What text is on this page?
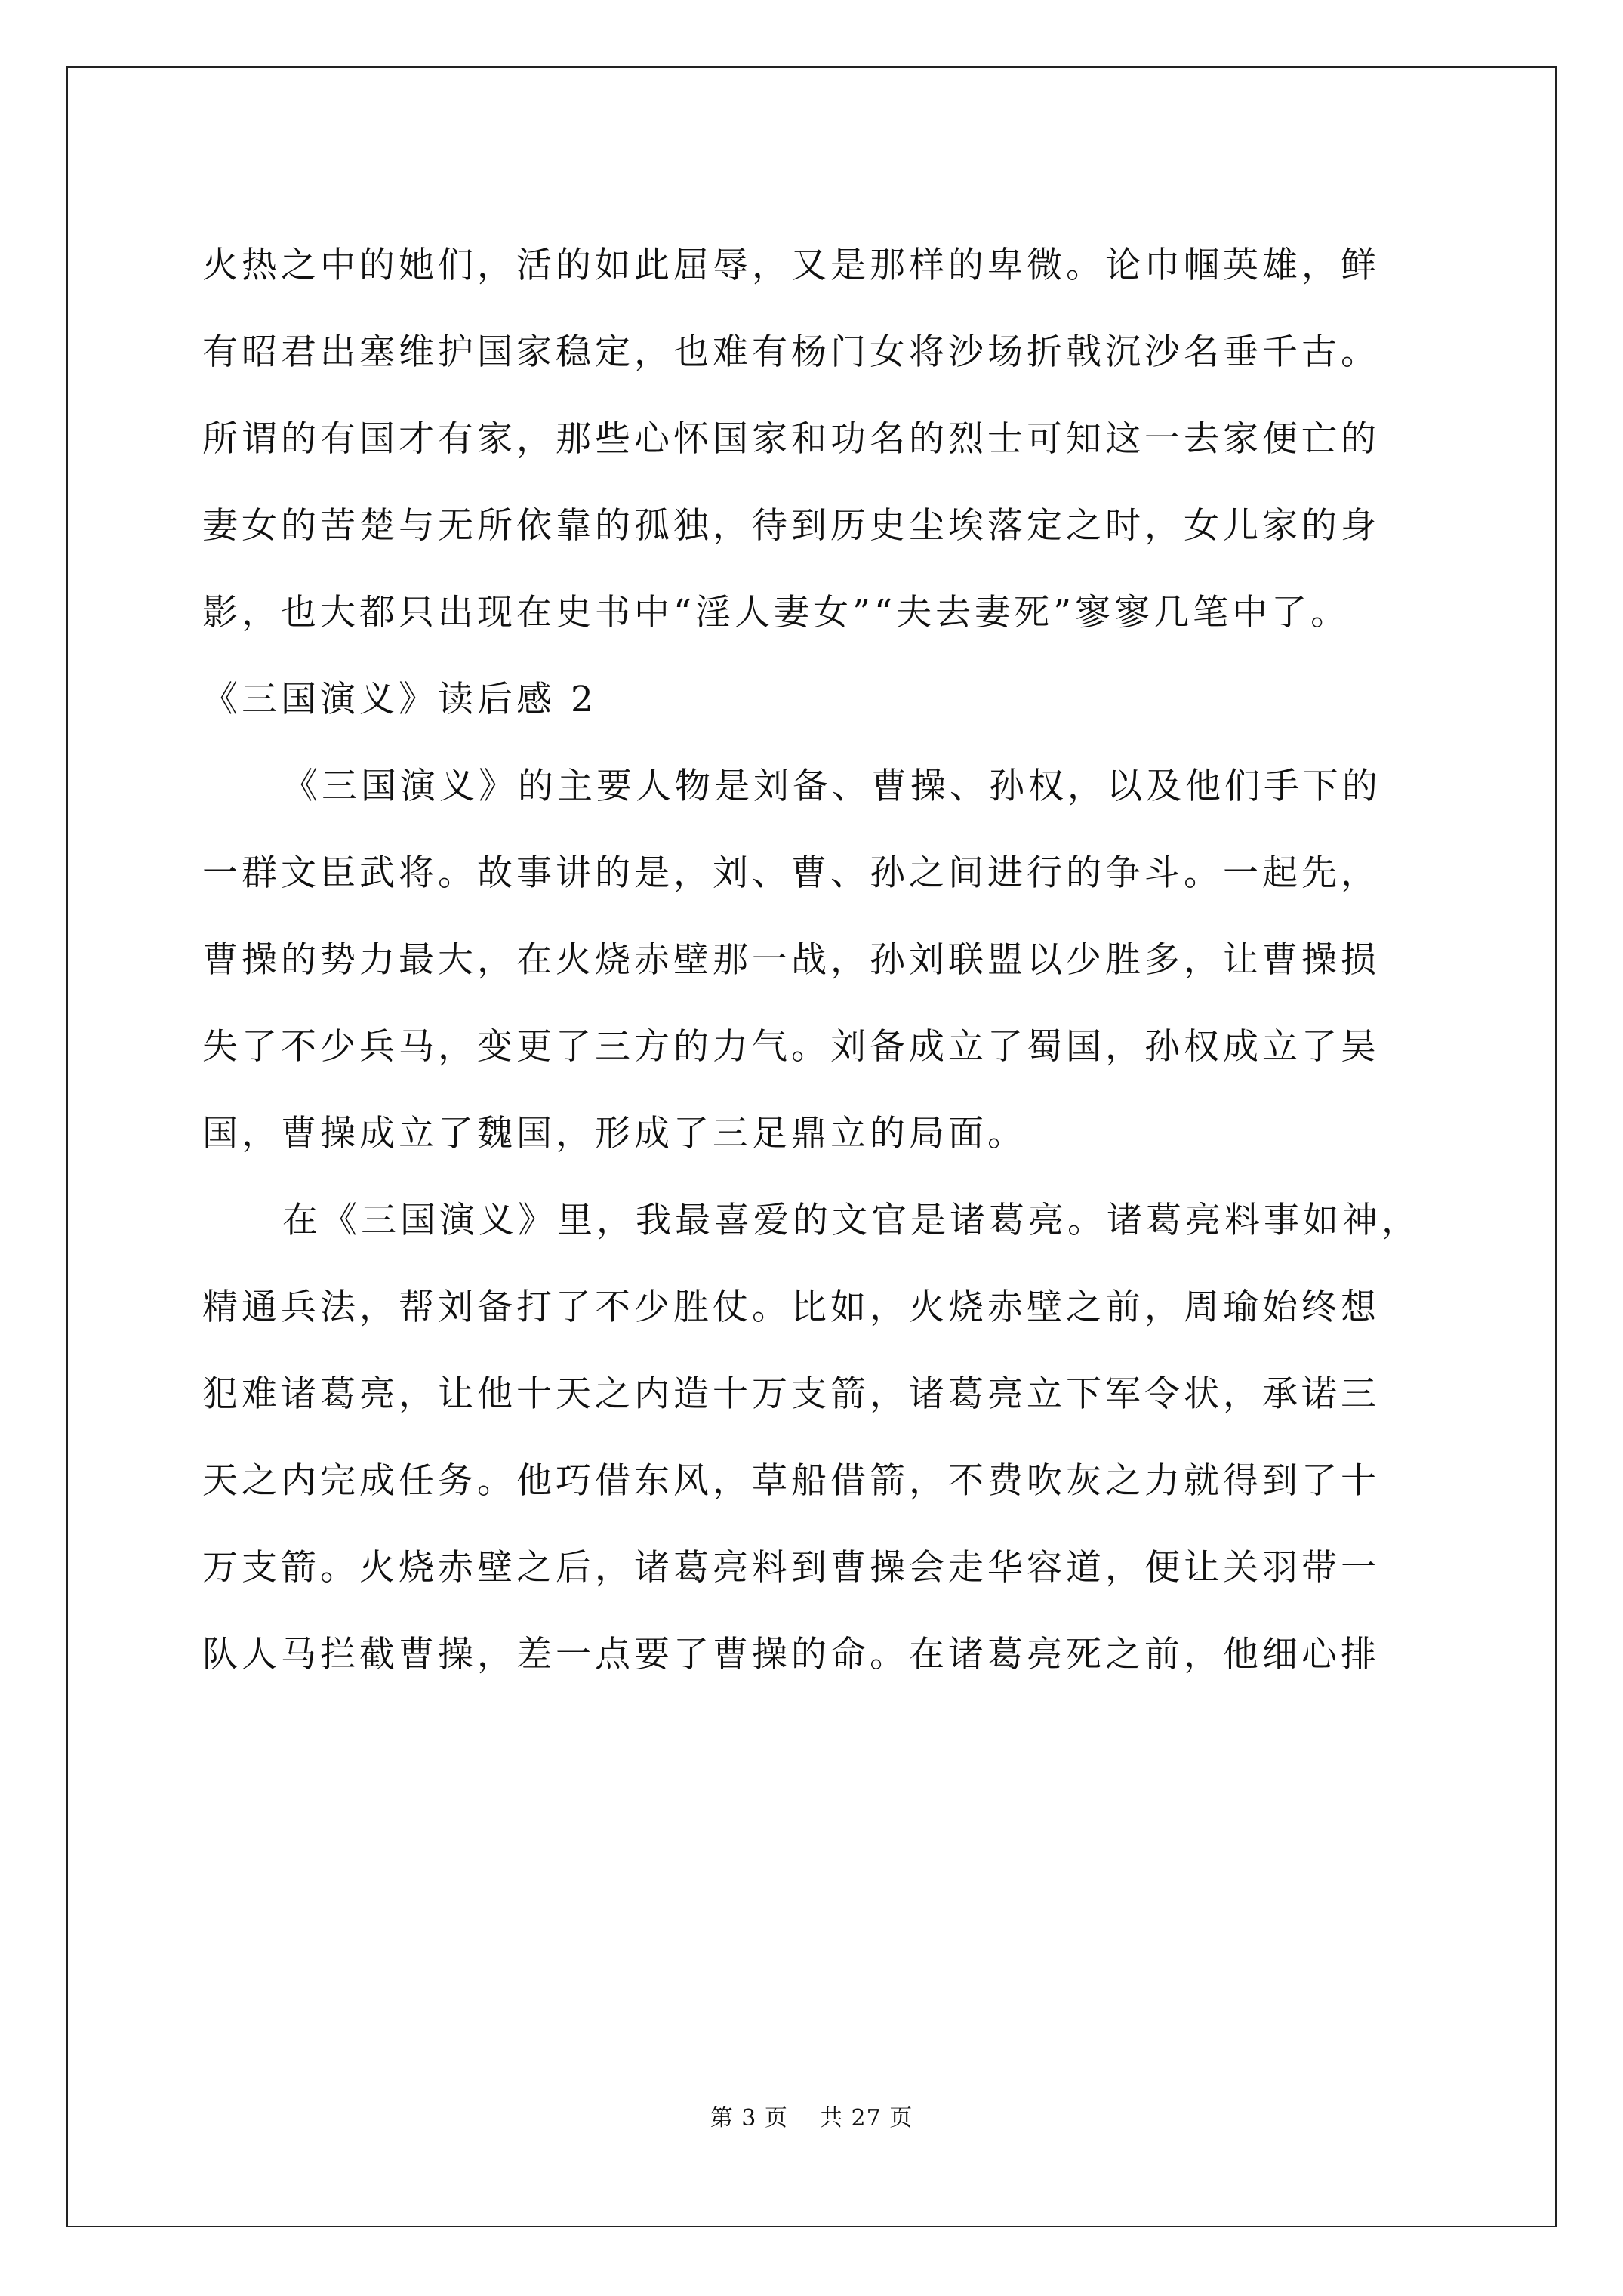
火热之中的她们，活的如此屈辱，又是那样的卑微。论巾帼英雄，鲜
有昭君出塞维护国家稳定，也难有杨门女将沙场折戟沉沙名垂千古。
所谓的有国才有家，那些心怀国家和功名的烈士可知这一去家便亡的
妻女的苦楚与无所依靠的孤独，待到历史尘埃落定之时，女儿家的身
影，也大都只出现在史书中“淫人妻女”“夫去妻死”寥寥几笔中了。
《三国演义》读后感 2
《三国演义》的主要人物是刘备、曹操、孙权，以及他们手下的
一群文臣武将。故事讲的是，刘、曹、孙之间进行的争斗。一起先，
曹操的势力最大，在火烧赤壁那一战，孙刘联盟以少胜多，让曹操损
失了不少兵马，变更了三方的力气。刘备成立了蜀国，孙权成立了吴
国，曹操成立了魏国，形成了三足鼎立的局面。
在《三国演义》里，我最喜爱的文官是诸葛亮。诸葛亮料事如神，
精通兵法，帮刘备打了不少胜仗。比如，火烧赤壁之前，周瑜始终想
犯难诸葛亮，让他十天之内造十万支箭，诸葛亮立下军令状，承诺三
天之内完成任务。他巧借东风，草船借箭，不费吹灰之力就得到了十
万支箭。火烧赤壁之后，诸葛亮料到曹操会走华容道，便让关羽带一
队人马拦截曹操，差一点要了曹操的命。在诸葛亮死之前，他细心排
第 3 页    共 27 页
